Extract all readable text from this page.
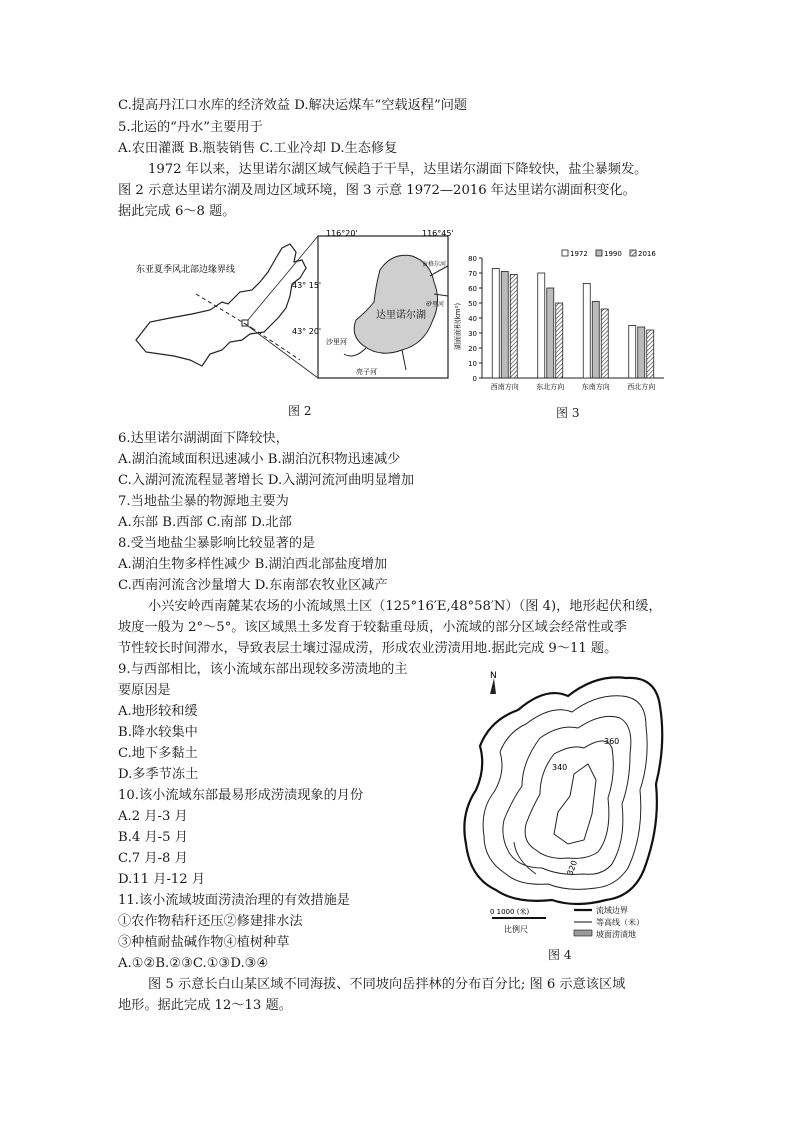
C.提高丹江口水库的经济效益 D.解决运煤车“空载返程”问题
5.北运的“丹水”主要用于
A.农田灌溉 B.瓶装销售 C.工业冷却 D.生态修复
1972 年以来，达里诺尔湖区域气候趋于干旱，达里诺尔湖面下降较快，盐尘暴频发。
图 2 示意达里诺尔湖及周边区域环境，图 3 示意 1972—2016 年达里诺尔湖面积变化。
据此完成 6～8 题。
东亚夏季风北部边缘界线
116°20'	116°45'
43° 15'
43° 20'
达里诺尔湖
沙里河
亮子河
贡格尔河
砂里河
图 2
湖面面积(km²)
1972 1990 2016
0
10
20
30
40
50
60
70
80
西南方向	东北方向	东南方向	西北方向
图 3
6.达里诺尔湖湖面下降较快，
A.湖泊流域面积迅速减小 B.湖泊沉积物迅速减少
C.入湖河流流程显著增长 D.入湖河流河曲明显增加
7.当地盐尘暴的物源地主要为
A.东部 B.西部 C.南部 D.北部
8.受当地盐尘暴影响比较显著的是
A.湖泊生物多样性减少 B.湖泊西北部盐度增加
C.西南河流含沙量增大 D.东南部农牧业区减产
小兴安岭西南麓某农场的小流域黑土区（125°16′E,48°58′N）（图 4)，地形起伏和缓，
坡度一般为 2°～5°。该区域黑土多发育于较黏重母质，小流域的部分区域会经常性或季
节性较长时间滞水，导致表层土壤过湿成涝，形成农业涝渍用地.据此完成 9～11 题。
9.与西部相比，该小流域东部出现较多涝渍地的主
要原因是
A.地形较和缓
B.降水较集中
C.地下多黏土
D.多季节冻土
10.该小流域东部最易形成涝渍现象的月份
A.2 月-3 月
B.4 月-5 月
C.7 月-8 月
D.11 月-12 月
11.该小流域坡面涝渍治理的有效措施是
①农作物秸秆还压②修建排水法
③种植耐盐碱作物④植树种草
A.①②B.②③C.①③D.③④
N
360
340
320
0 1000 (米)
比例尺
流域边界
等高线（米）
坡面涝渍地
图 4
图 5 示意长白山某区域不同海拔、不同坡向岳拌林的分布百分比; 图 6 示意该区域
地形。据此完成 12～13 题。
